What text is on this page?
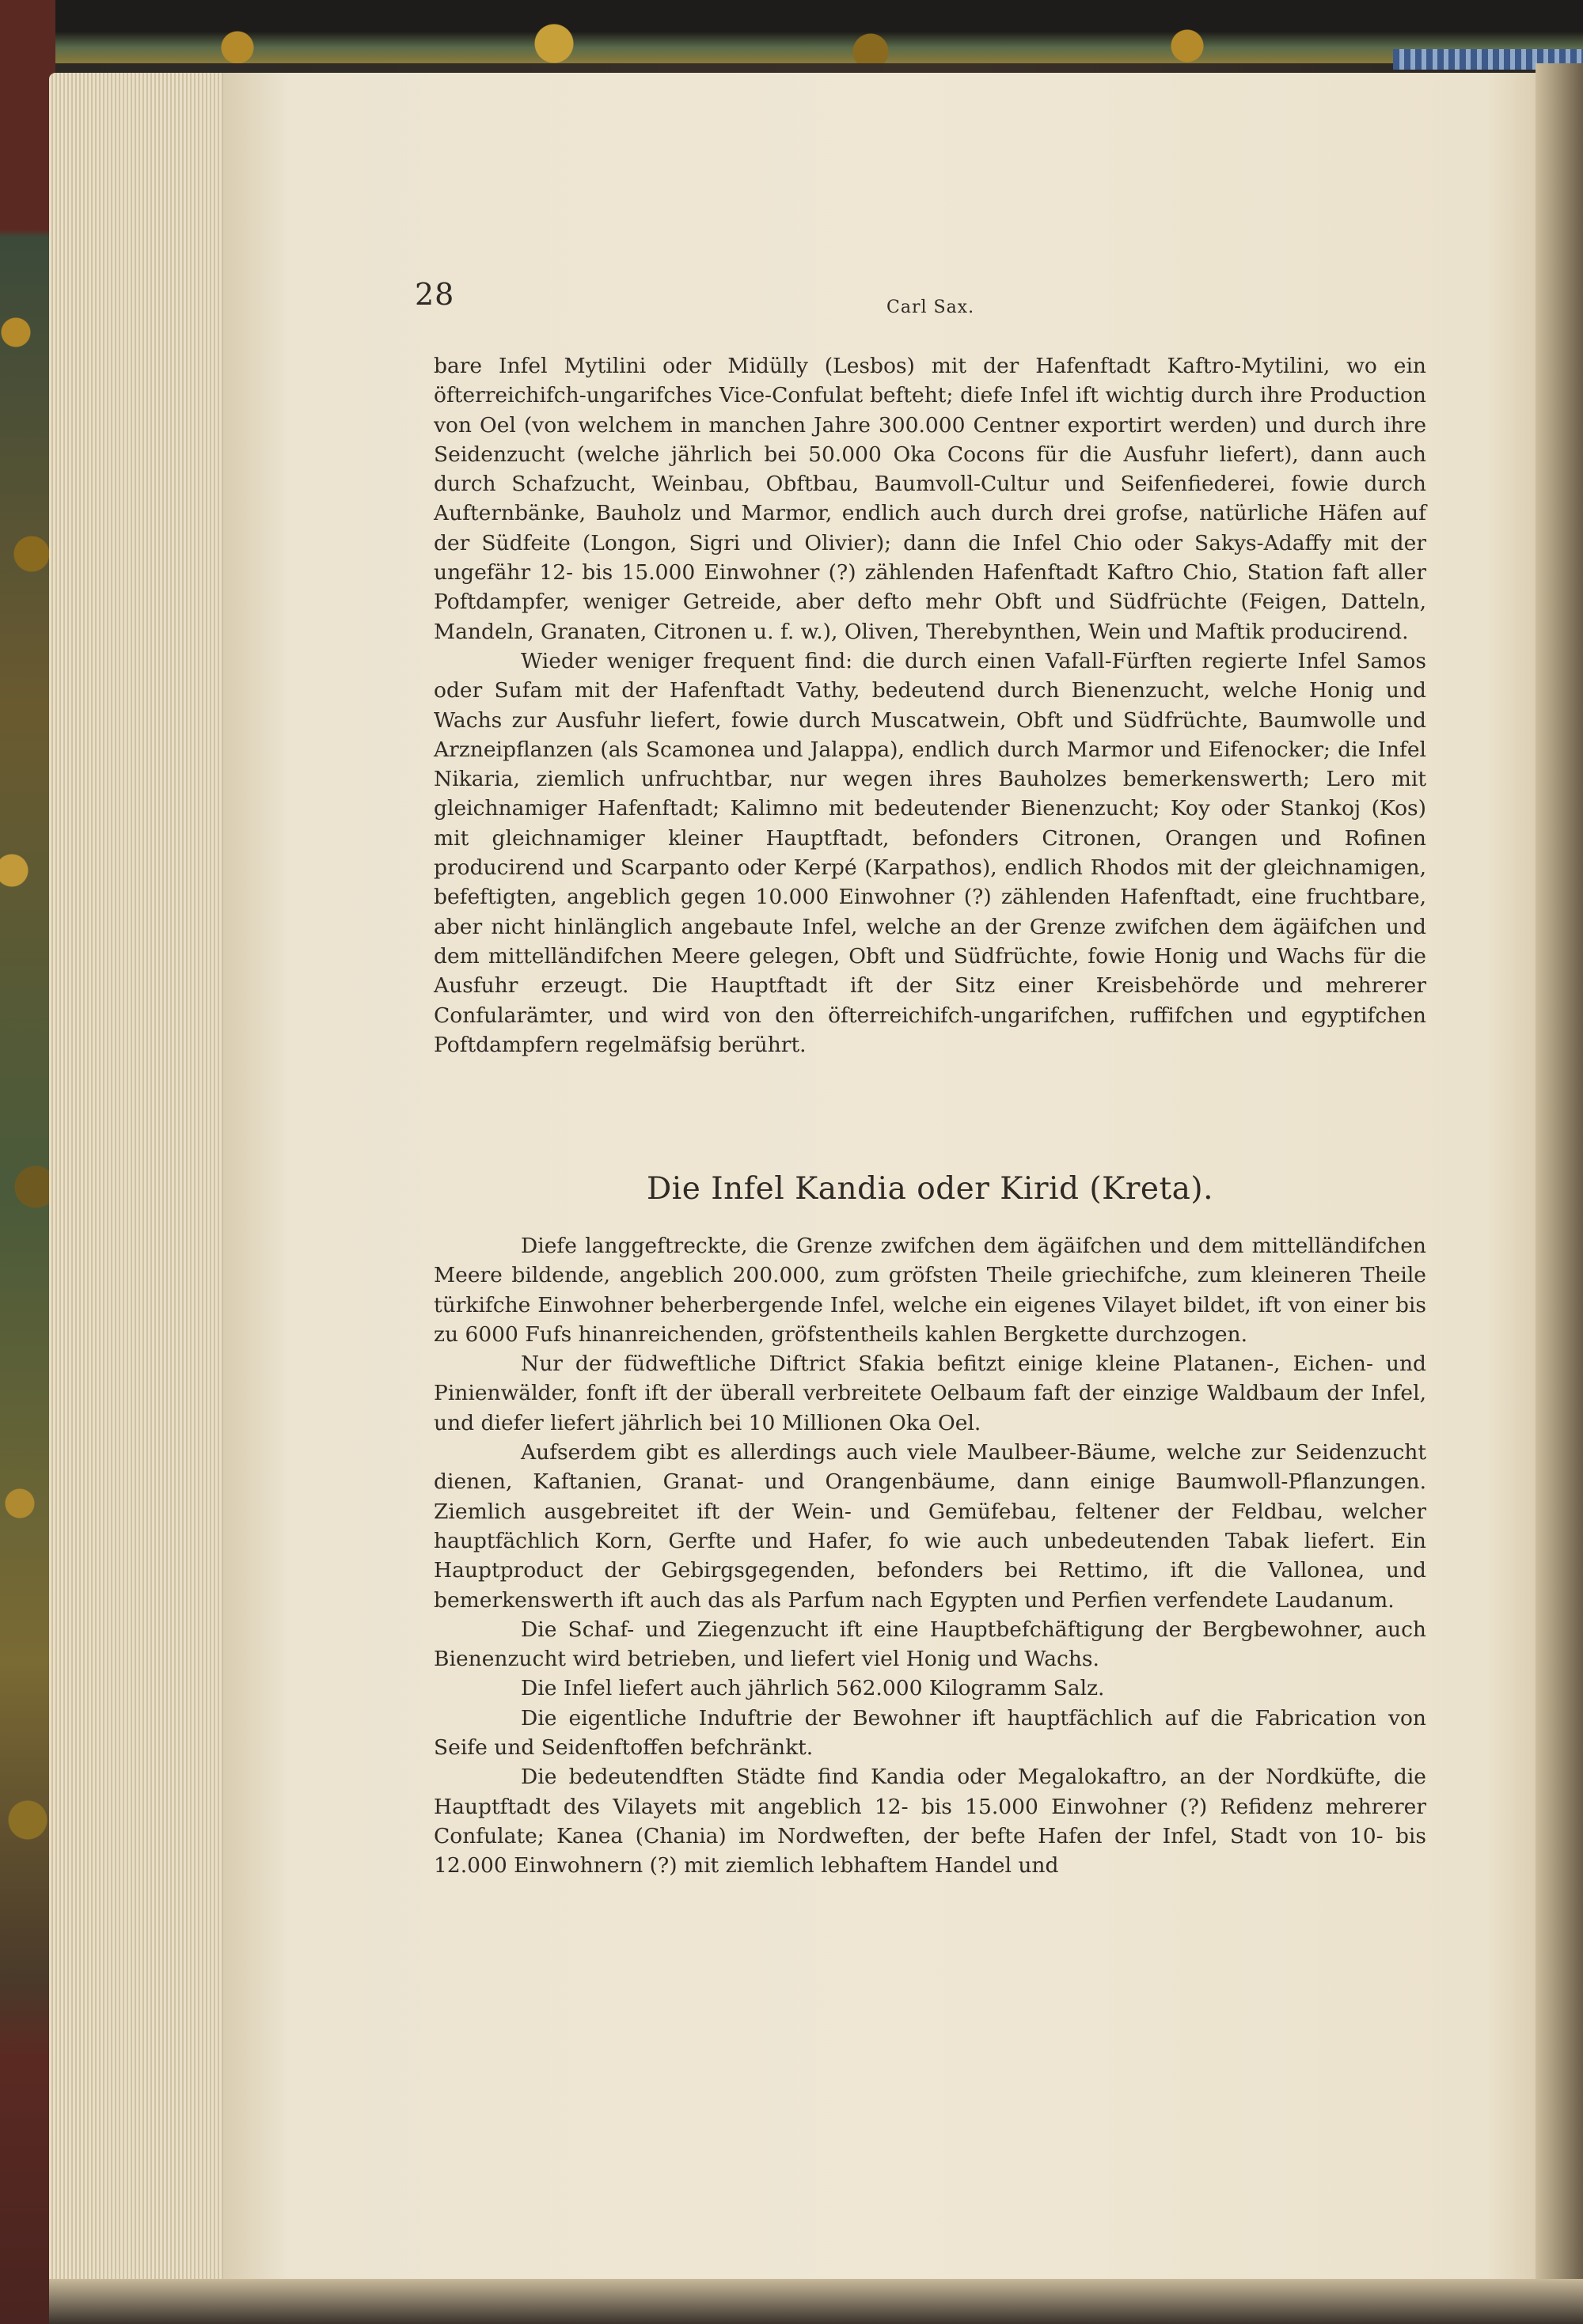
28	Carl Sax.

bare Infel Mytilini oder Midülly (Lesbos) mit der Hafenftadt Kaftro-Mytilini, wo ein öfterreichifch-ungarifches Vice-Confulat befteht; diefe Infel ift wichtig durch ihre Production von Oel (von welchem in manchen Jahre 300.000 Centner exportirt werden) und durch ihre Seidenzucht (welche jährlich bei 50.000 Oka Cocons für die Ausfuhr liefert), dann auch durch Schafzucht, Weinbau, Obftbau, Baumvoll-Cultur und Seifenfiederei, fowie durch Aufternbänke, Bauholz und Marmor, endlich auch durch drei grofse, natürliche Häfen auf der Südfeite (Longon, Sigri und Olivier); dann die Infel Chio oder Sakys-Adaffy mit der ungefähr 12- bis 15.000 Einwohner (?) zählenden Hafenftadt Kaftro Chio, Station faft aller Poftdampfer, weniger Getreide, aber defto mehr Obft und Südfrüchte (Feigen, Datteln, Mandeln, Granaten, Citronen u. f. w.), Oliven, Therebynthen, Wein und Maftik producirend.

Wieder weniger frequent find: die durch einen Vafall-Fürften regierte Infel Samos oder Sufam mit der Hafenftadt Vathy, bedeutend durch Bienenzucht, welche Honig und Wachs zur Ausfuhr liefert, fowie durch Muscatwein, Obft und Südfrüchte, Baumwolle und Arzneipflanzen (als Scamonea und Jalappa), endlich durch Marmor und Eifenocker; die Infel Nikaria, ziemlich unfruchtbar, nur wegen ihres Bauholzes bemerkenswerth; Lero mit gleichnamiger Hafenftadt; Kalimno mit bedeutender Bienenzucht; Koy oder Stankoj (Kos) mit gleichnamiger kleiner Hauptftadt, befonders Citronen, Orangen und Rofinen producirend und Scarpanto oder Kerpé (Karpathos), endlich Rhodos mit der gleichnamigen, befeftigten, angeblich gegen 10.000 Einwohner (?) zählenden Hafenftadt, eine fruchtbare, aber nicht hinlänglich angebaute Infel, welche an der Grenze zwifchen dem ägäifchen und dem mittelländifchen Meere gelegen, Obft und Südfrüchte, fowie Honig und Wachs für die Ausfuhr erzeugt. Die Hauptftadt ift der Sitz einer Kreisbehörde und mehrerer Confularämter, und wird von den öfterreichifch-ungarifchen, ruffifchen und egyptifchen Poftdampfern regelmäfsig berührt.

Die Infel Kandia oder Kirid (Kreta).

Diefe langgeftreckte, die Grenze zwifchen dem ägäifchen und dem mittelländifchen Meere bildende, angeblich 200.000, zum gröfsten Theile griechifche, zum kleineren Theile türkifche Einwohner beherbergende Infel, welche ein eigenes Vilayet bildet, ift von einer bis zu 6000 Fufs hinanreichenden, gröfstentheils kahlen Bergkette durchzogen.

Nur der füdweftliche Diftrict Sfakia befitzt einige kleine Platanen-, Eichen- und Pinienwälder, fonft ift der überall verbreitete Oelbaum faft der einzige Waldbaum der Infel, und diefer liefert jährlich bei 10 Millionen Oka Oel.

Aufserdem gibt es allerdings auch viele Maulbeer-Bäume, welche zur Seidenzucht dienen, Kaftanien, Granat- und Orangenbäume, dann einige Baumwoll-Pflanzungen. Ziemlich ausgebreitet ift der Wein- und Gemüfebau, feltener der Feldbau, welcher hauptfächlich Korn, Gerfte und Hafer, fo wie auch unbedeutenden Tabak liefert. Ein Hauptproduct der Gebirgsgegenden, befonders bei Rettimo, ift die Vallonea, und bemerkenswerth ift auch das als Parfum nach Egypten und Perfien verfendete Laudanum.

Die Schaf- und Ziegenzucht ift eine Hauptbefchäftigung der Bergbewohner, auch Bienenzucht wird betrieben, und liefert viel Honig und Wachs.

Die Infel liefert auch jährlich 562.000 Kilogramm Salz.

Die eigentliche Induftrie der Bewohner ift hauptfächlich auf die Fabrication von Seife und Seidenftoffen befchränkt.

Die bedeutendften Städte find Kandia oder Megalokaftro, an der Nordküfte, die Hauptftadt des Vilayets mit angeblich 12- bis 15.000 Einwohner (?) Refidenz mehrerer Confulate; Kanea (Chania) im Nordweften, der befte Hafen der Infel, Stadt von 10- bis 12.000 Einwohnern (?) mit ziemlich lebhaftem Handel und
